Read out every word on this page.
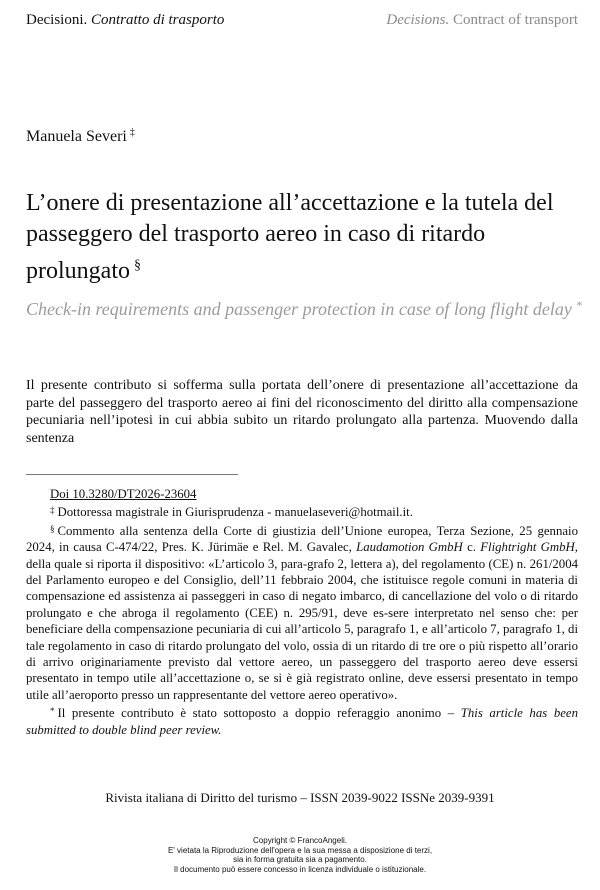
Decisioni. Contratto di trasporto	Decisions. Contract of transport
Manuela Severi ‡
L’onere di presentazione all’accettazione e la tutela del passeggero del trasporto aereo in caso di ritardo prolungato §

Check-in requirements and passenger protection in case of long flight delay *

Il presente contributo si sofferma sulla portata dell’onere di presentazione all’accettazione da parte del passeggero del trasporto aereo ai fini del riconoscimento del diritto alla compensazione pecuniaria nell’ipotesi in cui abbia subito un ritardo prolungato alla partenza. Muovendo dalla sentenza

Doi 10.3280/DT2026-23604

‡ Dottoressa magistrale in Giurisprudenza - manuelaseveri@hotmail.it.

§ Commento alla sentenza della Corte di giustizia dell’Unione europea, Terza Sezione, 25 gennaio 2024, in causa C-474/22, Pres. K. Jürimäe e Rel. M. Gavalec, Laudamotion GmbH c. Flightright GmbH, della quale si riporta il dispositivo: «L’articolo 3, para-grafo 2, lettera a), del regolamento (CE) n. 261/2004 del Parlamento europeo e del Consiglio, dell’11 febbraio 2004, che istituisce regole comuni in materia di compensazione ed assistenza ai passeggeri in caso di negato imbarco, di cancellazione del volo o di ritardo prolungato e che abroga il regolamento (CEE) n. 295/91, deve es-sere interpretato nel senso che: per beneficiare della compensazione pecuniaria di cui all’articolo 5, paragrafo 1, e all’articolo 7, paragrafo 1, di tale regolamento in caso di ritardo prolungato del volo, ossia di un ritardo di tre ore o più rispetto all’orario di arrivo originariamente previsto dal vettore aereo, un passeggero del trasporto aereo deve essersi presentato in tempo utile all’accettazione o, se si è già registrato online, deve essersi presentato in tempo utile all’aeroporto presso un rappresentante del vettore aereo operativo».

* Il presente contributo è stato sottoposto a doppio referaggio anonimo – This article has been submitted to double blind peer review.

Rivista italiana di Diritto del turismo – ISSN 2039-9022 ISSNe 2039-9391
Copyright © FrancoAngeli.
E' vietata la Riproduzione dell'opera e la sua messa a disposizione di terzi,
sia in forma gratuita sia a pagamento.
Il documento può essere concesso in licenza individuale o istituzionale.
